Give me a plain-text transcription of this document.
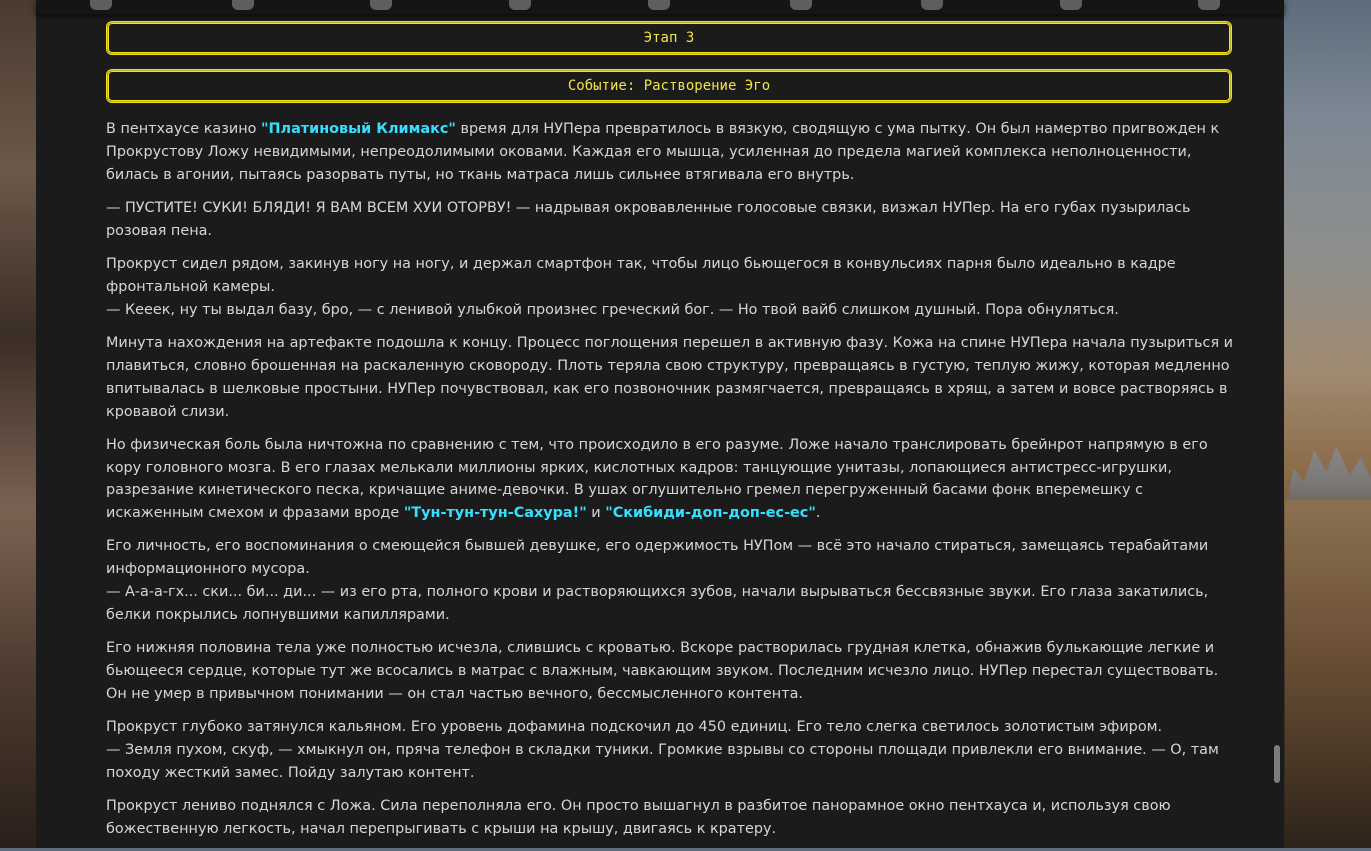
Этап 3
Событие: Растворение Эго

В пентхаусе казино "Платиновый Климакс" время для НУПера превратилось в вязкую, сводящую с ума пытку. Он был намертво пригвожден к Прокрустову Ложу невидимыми, непреодолимыми оковами. Каждая его мышца, усиленная до предела магией комплекса неполноценности, билась в агонии, пытаясь разорвать путы, но ткань матраса лишь сильнее втягивала его внутрь.

— ПУСТИТЕ! СУКИ! БЛЯДИ! Я ВАМ ВСЕМ ХУИ ОТОРВУ! — надрывая окровавленные голосовые связки, визжал НУПер. На его губах пузырилась розовая пена.

Прокруст сидел рядом, закинув ногу на ногу, и держал смартфон так, чтобы лицо бьющегося в конвульсиях парня было идеально в кадре фронтальной камеры.
— Кееек, ну ты выдал базу, бро, — с ленивой улыбкой произнес греческий бог. — Но твой вайб слишком душный. Пора обнуляться.

Минута нахождения на артефакте подошла к концу. Процесс поглощения перешел в активную фазу. Кожа на спине НУПера начала пузыриться и плавиться, словно брошенная на раскаленную сковороду. Плоть теряла свою структуру, превращаясь в густую, теплую жижу, которая медленно впитывалась в шелковые простыни. НУПер почувствовал, как его позвоночник размягчается, превращаясь в хрящ, а затем и вовсе растворяясь в кровавой слизи.

Но физическая боль была ничтожна по сравнению с тем, что происходило в его разуме. Ложе начало транслировать брейнрот напрямую в его кору головного мозга. В его глазах мелькали миллионы ярких, кислотных кадров: танцующие унитазы, лопающиеся антистресс-игрушки, разрезание кинетического песка, кричащие аниме-девочки. В ушах оглушительно гремел перегруженный басами фонк вперемешку с искаженным смехом и фразами вроде "Тун-тун-тун-Сахура!" и "Скибиди-доп-доп-ес-ес".

Его личность, его воспоминания о смеющейся бывшей девушке, его одержимость НУПом — всё это начало стираться, замещаясь терабайтами информационного мусора.
— А-а-а-гх... ски... би... ди... — из его рта, полного крови и растворяющихся зубов, начали вырываться бессвязные звуки. Его глаза закатились, белки покрылись лопнувшими капиллярами.

Его нижняя половина тела уже полностью исчезла, слившись с кроватью. Вскоре растворилась грудная клетка, обнажив булькающие легкие и бьющееся сердце, которые тут же всосались в матрас с влажным, чавкающим звуком. Последним исчезло лицо. НУПер перестал существовать. Он не умер в привычном понимании — он стал частью вечного, бессмысленного контента.

Прокруст глубоко затянулся кальяном. Его уровень дофамина подскочил до 450 единиц. Его тело слегка светилось золотистым эфиром.
— Земля пухом, скуф, — хмыкнул он, пряча телефон в складки туники. Громкие взрывы со стороны площади привлекли его внимание. — О, там походу жесткий замес. Пойду залутаю контент.

Прокруст лениво поднялся с Ложа. Сила переполняла его. Он просто вышагнул в разбитое панорамное окно пентхауса и, используя свою божественную легкость, начал перепрыгивать с крыши на крышу, двигаясь к кратеру.
